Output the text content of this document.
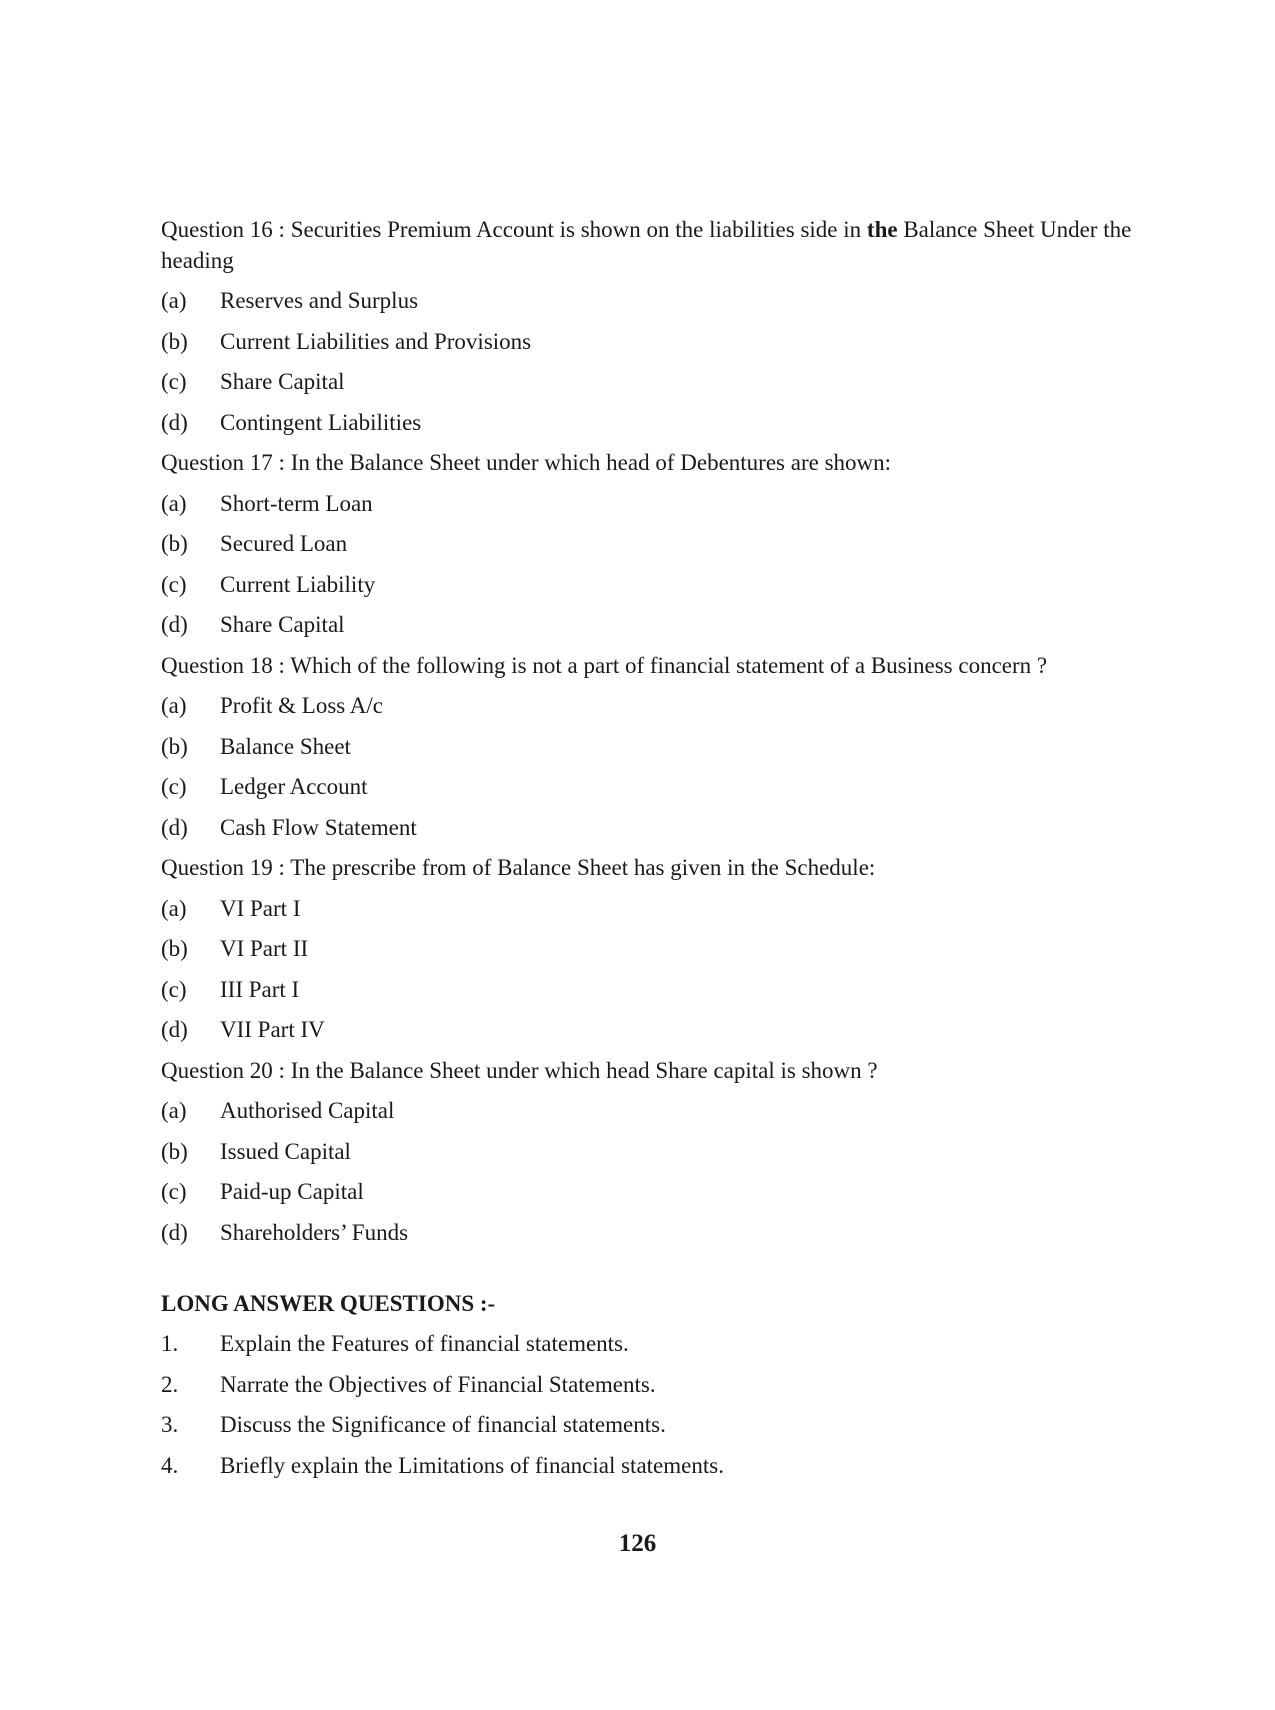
Question 16 : Securities Premium Account is shown on the liabilities side in the Balance Sheet Under the heading

(a)	Reserves and Surplus
(b)	Current Liabilities and Provisions
(c)	Share Capital
(d)	Contingent Liabilities
Question 17 : In the Balance Sheet under which head of Debentures are shown:
(a)	Short-term Loan
(b)	Secured Loan
(c)	Current Liability
(d)	Share Capital
Question 18 : Which of the following is not a part of financial statement of a Business concern ?
(a)	Profit & Loss A/c
(b)	Balance Sheet
(c)	Ledger Account
(d)	Cash Flow Statement
Question 19 : The prescribe from of Balance Sheet has given in the Schedule:
(a)	VI Part I
(b)	VI Part II
(c)	III Part I
(d)	VII Part IV
Question 20 : In the Balance Sheet under which head Share capital is shown ?
(a)	Authorised Capital
(b)	Issued Capital
(c)	Paid-up Capital
(d)	Shareholders’ Funds
LONG ANSWER QUESTIONS :-
1.	Explain the Features of financial statements.
2.	Narrate the Objectives of Financial Statements.
3.	Discuss the Significance of financial statements.
4.	Briefly explain the Limitations of financial statements.
126
